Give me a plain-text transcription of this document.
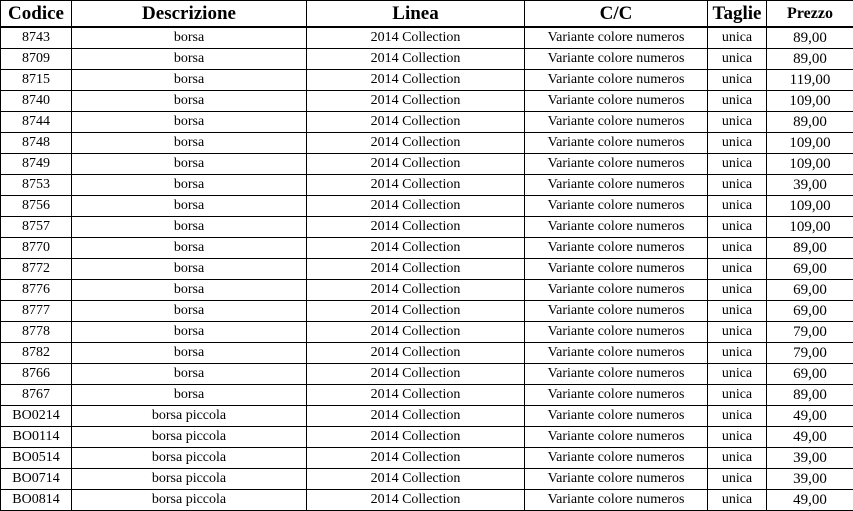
Codice	Descrizione	Linea	C/C	Taglie	Prezzo
8743	borsa	2014 Collection	Variante colore numeros	unica	89,00
8709	borsa	2014 Collection	Variante colore numeros	unica	89,00
8715	borsa	2014 Collection	Variante colore numeros	unica	119,00
8740	borsa	2014 Collection	Variante colore numeros	unica	109,00
8744	borsa	2014 Collection	Variante colore numeros	unica	89,00
8748	borsa	2014 Collection	Variante colore numeros	unica	109,00
8749	borsa	2014 Collection	Variante colore numeros	unica	109,00
8753	borsa	2014 Collection	Variante colore numeros	unica	39,00
8756	borsa	2014 Collection	Variante colore numeros	unica	109,00
8757	borsa	2014 Collection	Variante colore numeros	unica	109,00
8770	borsa	2014 Collection	Variante colore numeros	unica	89,00
8772	borsa	2014 Collection	Variante colore numeros	unica	69,00
8776	borsa	2014 Collection	Variante colore numeros	unica	69,00
8777	borsa	2014 Collection	Variante colore numeros	unica	69,00
8778	borsa	2014 Collection	Variante colore numeros	unica	79,00
8782	borsa	2014 Collection	Variante colore numeros	unica	79,00
8766	borsa	2014 Collection	Variante colore numeros	unica	69,00
8767	borsa	2014 Collection	Variante colore numeros	unica	89,00
BO0214	borsa piccola	2014 Collection	Variante colore numeros	unica	49,00
BO0114	borsa piccola	2014 Collection	Variante colore numeros	unica	49,00
BO0514	borsa piccola	2014 Collection	Variante colore numeros	unica	39,00
BO0714	borsa piccola	2014 Collection	Variante colore numeros	unica	39,00
BO0814	borsa piccola	2014 Collection	Variante colore numeros	unica	49,00
